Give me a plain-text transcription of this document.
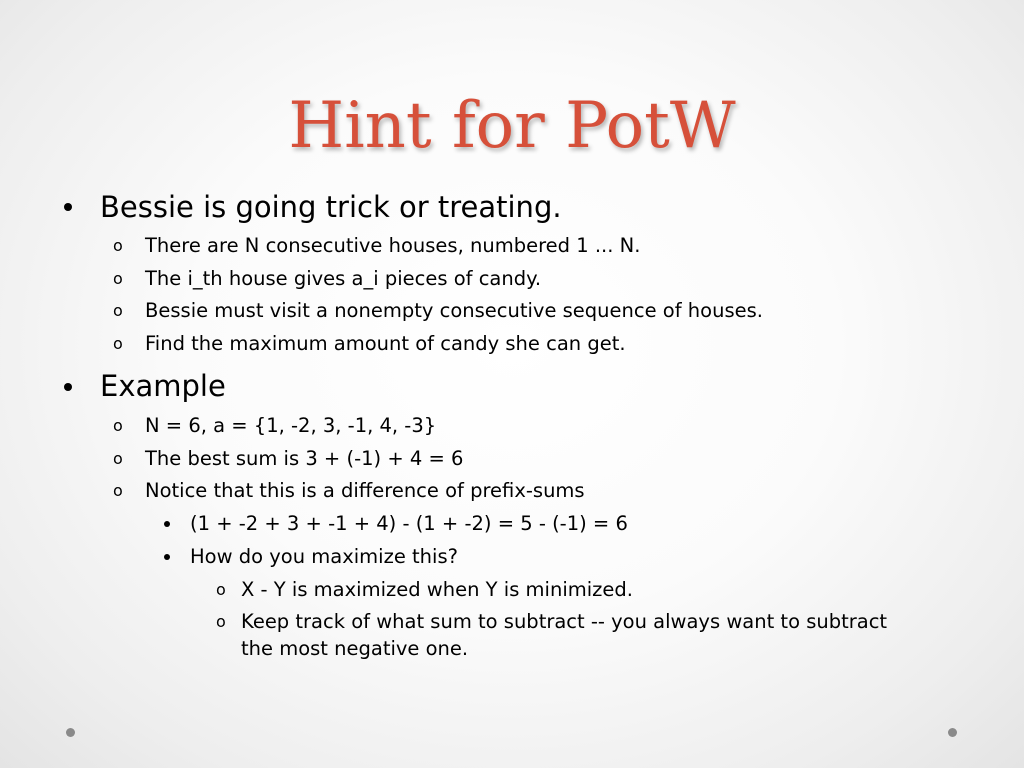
Hint for PotW
Bessie is going trick or treating.
o There are N consecutive houses, numbered 1 ... N.
o The i_th house gives a_i pieces of candy.
o Bessie must visit a nonempty consecutive sequence of houses.
o Find the maximum amount of candy she can get.
Example
o N = 6, a = {1, -2, 3, -1, 4, -3}
o The best sum is 3 + (-1) + 4 = 6
o Notice that this is a difference of prefix-sums
(1 + -2 + 3 + -1 + 4) - (1 + -2) = 5 - (-1) = 6
How do you maximize this?
o X - Y is maximized when Y is minimized.
o Keep track of what sum to subtract -- you always want to subtract
the most negative one.
